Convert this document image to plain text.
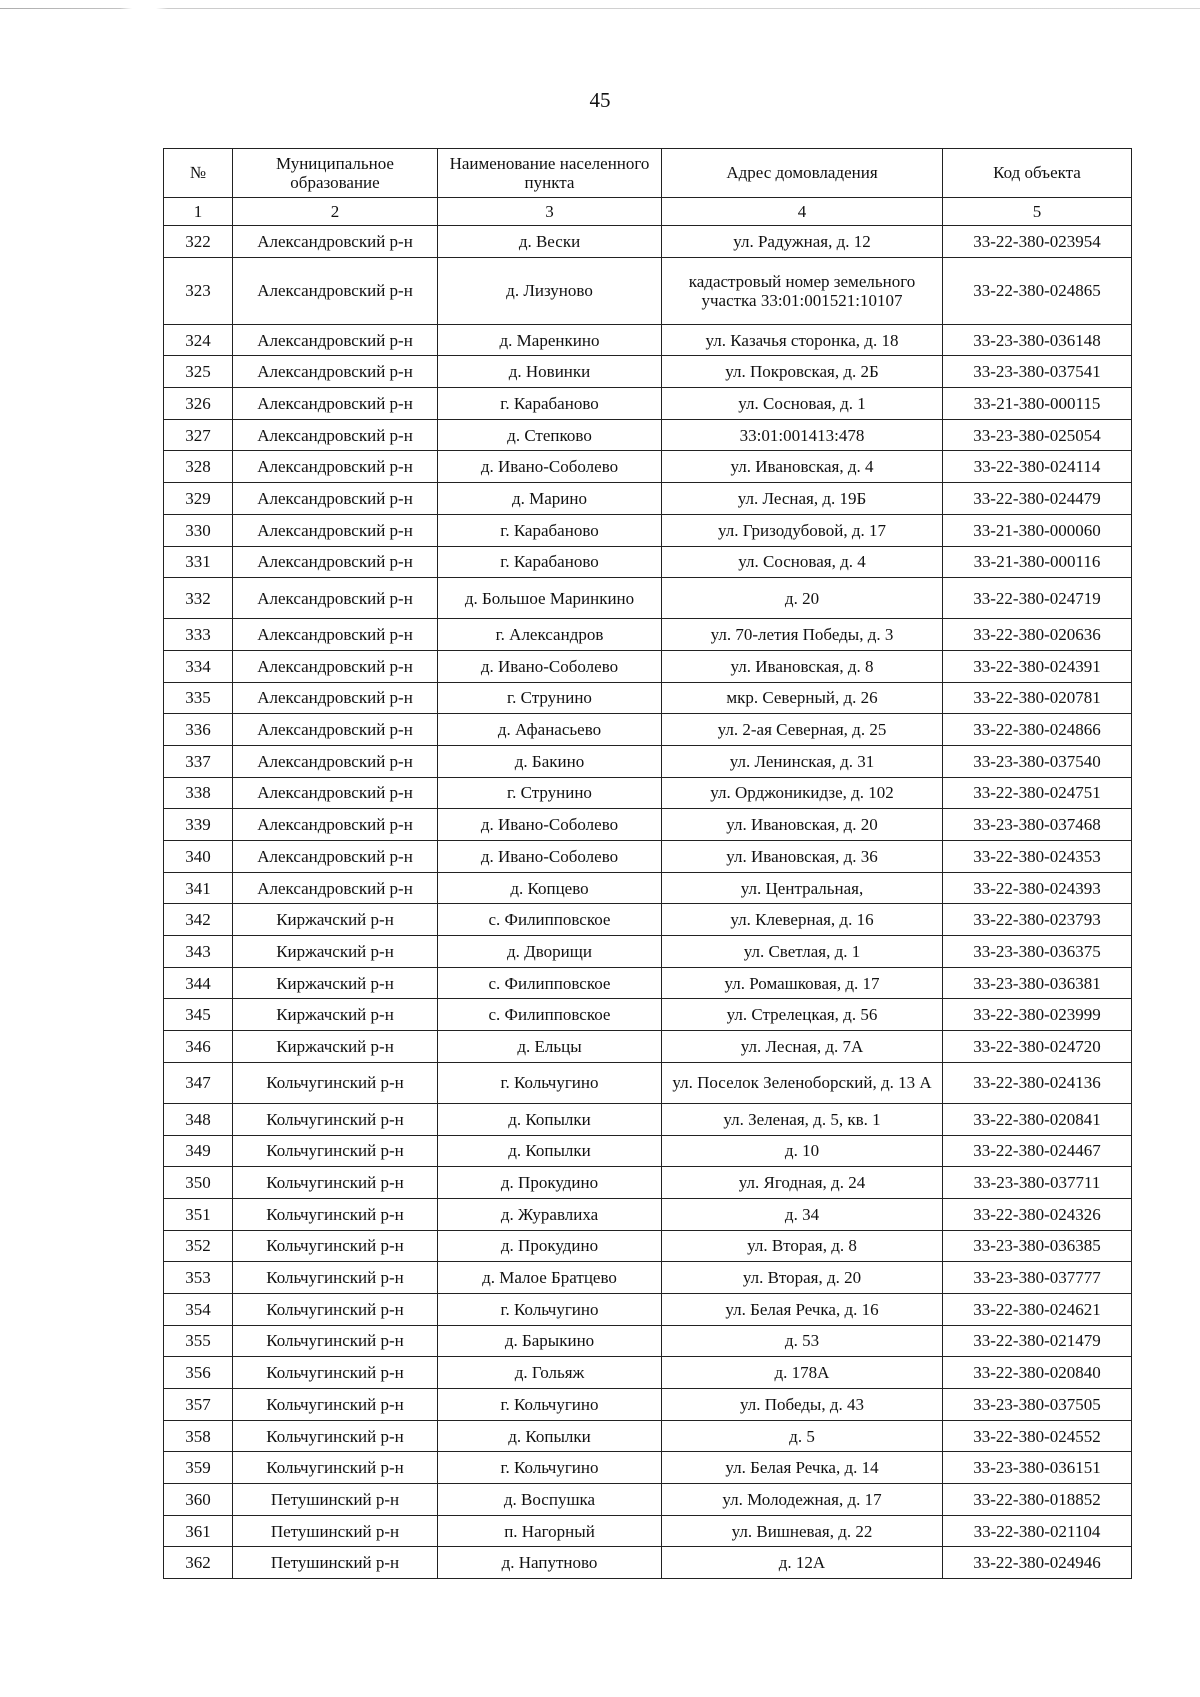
45
№	Муниципальное образование	Наименование населенного пункта	Адрес домовладения	Код объекта
1	2	3	4	5
322	Александровский р-н	д. Вески	ул. Радужная, д. 12	33-22-380-023954
323	Александровский р-н	д. Лизуново	кадастровый номер земельного участка 33:01:001521:10107	33-22-380-024865
324	Александровский р-н	д. Маренкино	ул. Казачья сторонка, д. 18	33-23-380-036148
325	Александровский р-н	д. Новинки	ул. Покровская, д. 2Б	33-23-380-037541
326	Александровский р-н	г. Карабаново	ул. Сосновая, д. 1	33-21-380-000115
327	Александровский р-н	д. Степково	33:01:001413:478	33-23-380-025054
328	Александровский р-н	д. Ивано-Соболево	ул. Ивановская, д. 4	33-22-380-024114
329	Александровский р-н	д. Марино	ул. Лесная, д. 19Б	33-22-380-024479
330	Александровский р-н	г. Карабаново	ул. Гризодубовой, д. 17	33-21-380-000060
331	Александровский р-н	г. Карабаново	ул. Сосновая, д. 4	33-21-380-000116
332	Александровский р-н	д. Большое Маринкино	д. 20	33-22-380-024719
333	Александровский р-н	г. Александров	ул. 70-летия Победы, д. 3	33-22-380-020636
334	Александровский р-н	д. Ивано-Соболево	ул. Ивановская, д. 8	33-22-380-024391
335	Александровский р-н	г. Струнино	мкр. Северный, д. 26	33-22-380-020781
336	Александровский р-н	д. Афанасьево	ул. 2-ая Северная, д. 25	33-22-380-024866
337	Александровский р-н	д. Бакино	ул. Ленинская, д. 31	33-23-380-037540
338	Александровский р-н	г. Струнино	ул. Орджоникидзе, д. 102	33-22-380-024751
339	Александровский р-н	д. Ивано-Соболево	ул. Ивановская, д. 20	33-23-380-037468
340	Александровский р-н	д. Ивано-Соболево	ул. Ивановская, д. 36	33-22-380-024353
341	Александровский р-н	д. Копцево	ул. Центральная,	33-22-380-024393
342	Киржачский р-н	с. Филипповское	ул. Клеверная, д. 16	33-22-380-023793
343	Киржачский р-н	д. Дворищи	ул. Светлая, д. 1	33-23-380-036375
344	Киржачский р-н	с. Филипповское	ул. Ромашковая, д. 17	33-23-380-036381
345	Киржачский р-н	с. Филипповское	ул. Стрелецкая, д. 56	33-22-380-023999
346	Киржачский р-н	д. Ельцы	ул. Лесная, д. 7А	33-22-380-024720
347	Кольчугинский р-н	г. Кольчугино	ул. Поселок Зеленоборский, д. 13 А	33-22-380-024136
348	Кольчугинский р-н	д. Копылки	ул. Зеленая, д. 5, кв. 1	33-22-380-020841
349	Кольчугинский р-н	д. Копылки	д. 10	33-22-380-024467
350	Кольчугинский р-н	д. Прокудино	ул. Ягодная, д. 24	33-23-380-037711
351	Кольчугинский р-н	д. Журавлиха	д. 34	33-22-380-024326
352	Кольчугинский р-н	д. Прокудино	ул. Вторая, д. 8	33-23-380-036385
353	Кольчугинский р-н	д. Малое Братцево	ул. Вторая, д. 20	33-23-380-037777
354	Кольчугинский р-н	г. Кольчугино	ул. Белая Речка, д. 16	33-22-380-024621
355	Кольчугинский р-н	д. Барыкино	д. 53	33-22-380-021479
356	Кольчугинский р-н	д. Гольяж	д. 178А	33-22-380-020840
357	Кольчугинский р-н	г. Кольчугино	ул. Победы, д. 43	33-23-380-037505
358	Кольчугинский р-н	д. Копылки	д. 5	33-22-380-024552
359	Кольчугинский р-н	г. Кольчугино	ул. Белая Речка, д. 14	33-23-380-036151
360	Петушинский р-н	д. Воспушка	ул. Молодежная, д. 17	33-22-380-018852
361	Петушинский р-н	п. Нагорный	ул. Вишневая, д. 22	33-22-380-021104
362	Петушинский р-н	д. Напутново	д. 12А	33-22-380-024946
